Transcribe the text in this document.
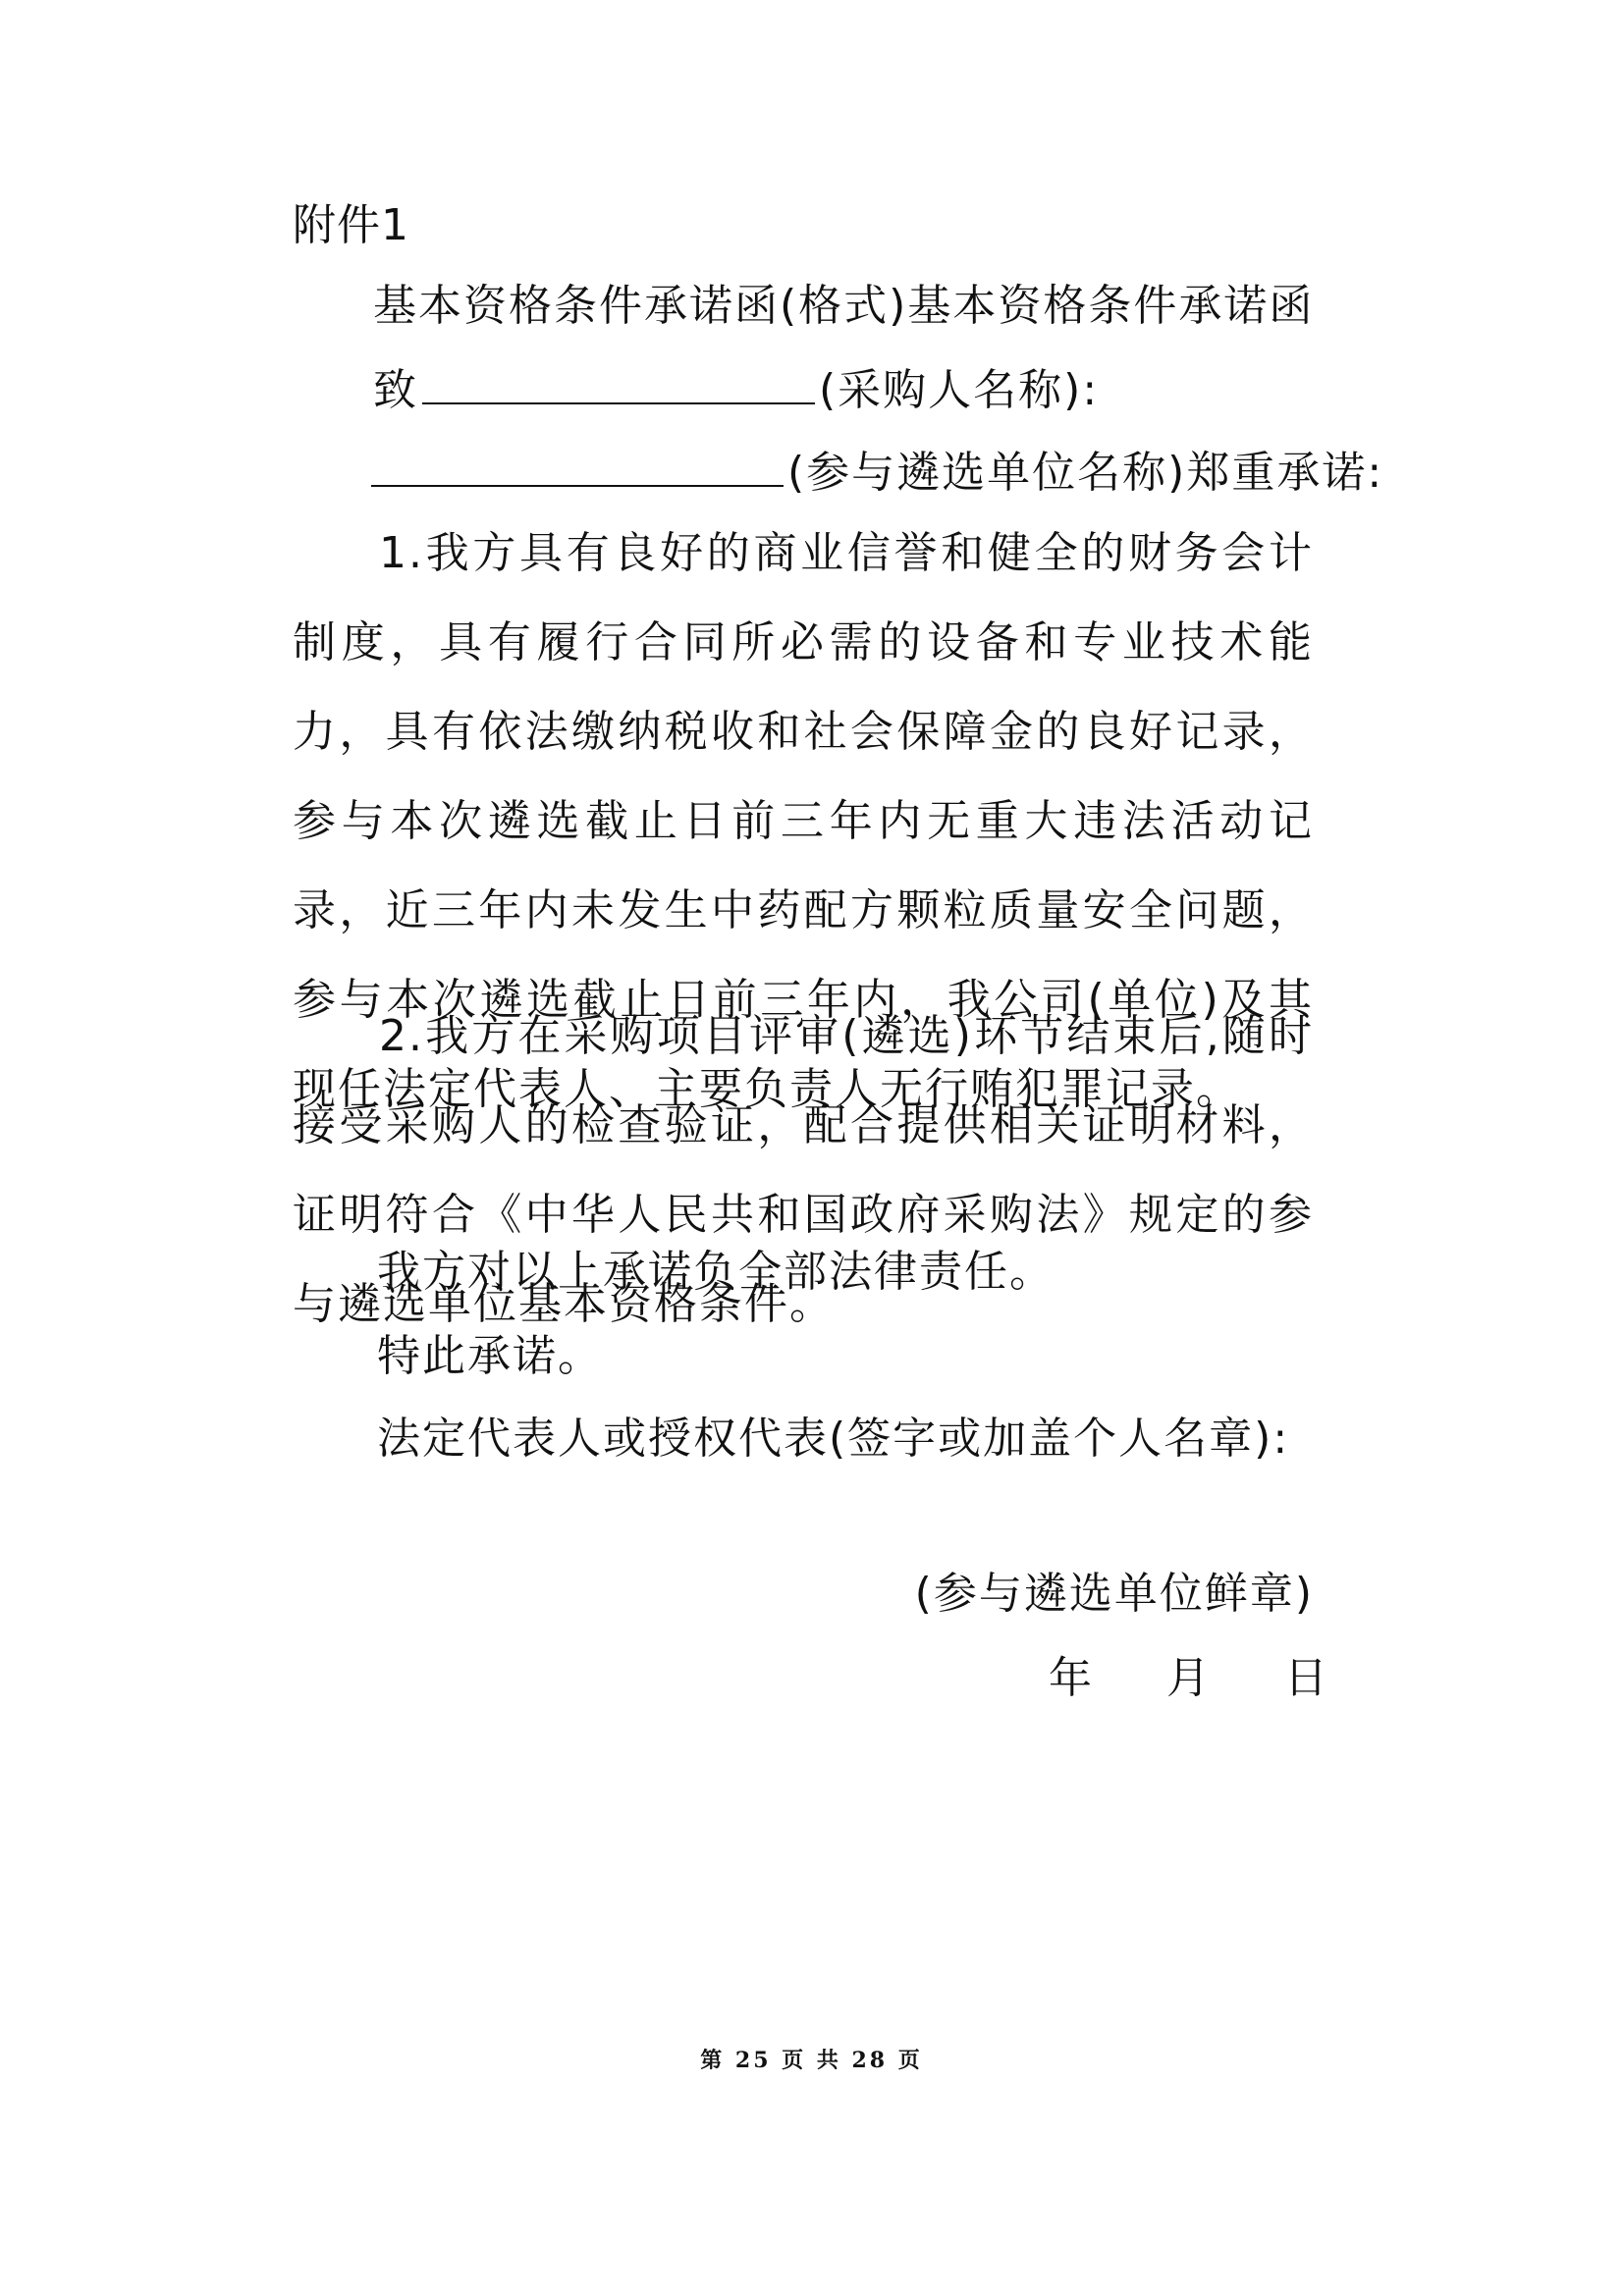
附件1
基本资格条件承诺函(格式)基本资格条件承诺函
致	(采购人名称):
(参与遴选单位名称)郑重承诺:
1.我方具有良好的商业信誉和健全的财务会计制度，具有履行合同所必需的设备和专业技术能力，具有依法缴纳税收和社会保障金的良好记录，参与本次遴选截止日前三年内无重大违法活动记录，近三年内未发生中药配方颗粒质量安全问题，参与本次遴选截止日前三年内，我公司(单位)及其现任法定代表人、主要负责人无行贿犯罪记录。
2.我方在采购项目评审(遴选)环节结束后,随时接受采购人的检查验证，配合提供相关证明材料，证明符合《中华人民共和国政府采购法》规定的参与遴选单位基本资格条件。
我方对以上承诺负全部法律责任。
特此承诺。
法定代表人或授权代表(签字或加盖个人名章):
(参与遴选单位鲜章)
年 月 日
第 25 页 共 28 页
